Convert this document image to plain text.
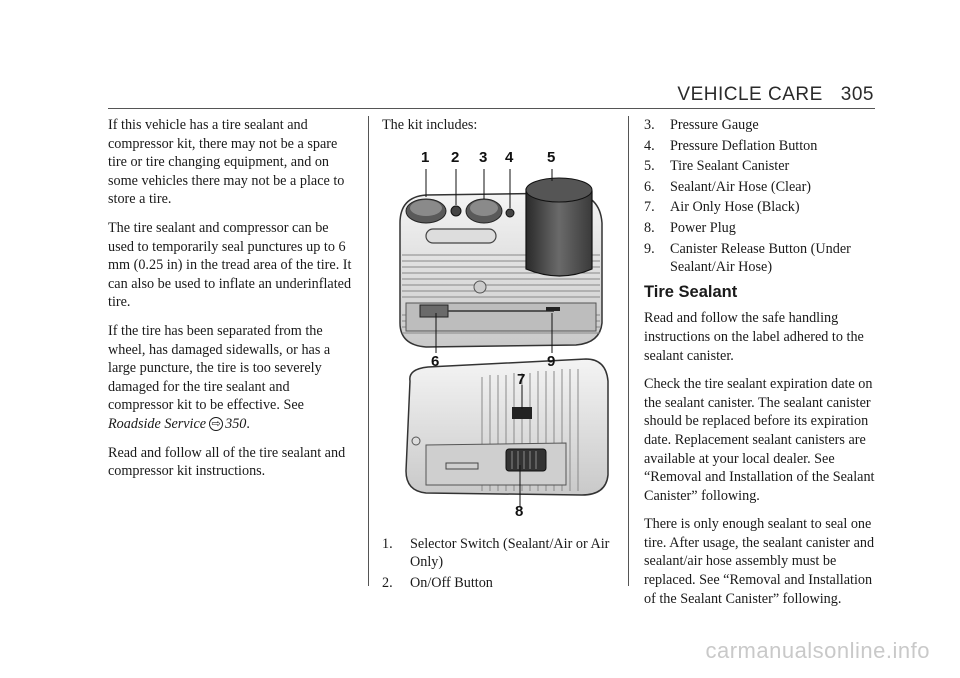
VEHICLE CARE 305

If this vehicle has a tire sealant and compressor kit, there may not be a spare tire or tire changing equipment, and on some vehicles there may not be a place to store a tire.

The tire sealant and compressor can be used to temporarily seal punctures up to 6 mm (0.25 in) in the tread area of the tire. It can also be used to inflate an underinflated tire.

If the tire has been separated from the wheel, has damaged sidewalls, or has a large puncture, the tire is too severely damaged for the tire sealant and compressor kit to be effective. See Roadside Service ⇨ 350.

Read and follow all of the tire sealant and compressor kit instructions.

The kit includes:

1 2 3 4 5
6	9
7
8
1. Selector Switch (Sealant/Air or Air Only)
2. On/Off Button
3. Pressure Gauge
4. Pressure Deflation Button
5. Tire Sealant Canister
6. Sealant/Air Hose (Clear)
7. Air Only Hose (Black)
8. Power Plug
9. Canister Release Button (Under Sealant/Air Hose)
Tire Sealant

Read and follow the safe handling instructions on the label adhered to the sealant canister.

Check the tire sealant expiration date on the sealant canister. The sealant canister should be replaced before its expiration date. Replacement sealant canisters are available at your local dealer. See “Removal and Installation of the Sealant Canister” following.

There is only enough sealant to seal one tire. After usage, the sealant canister and sealant/air hose assembly must be replaced. See “Removal and Installation of the Sealant Canister” following.

carmanualsonline.info
